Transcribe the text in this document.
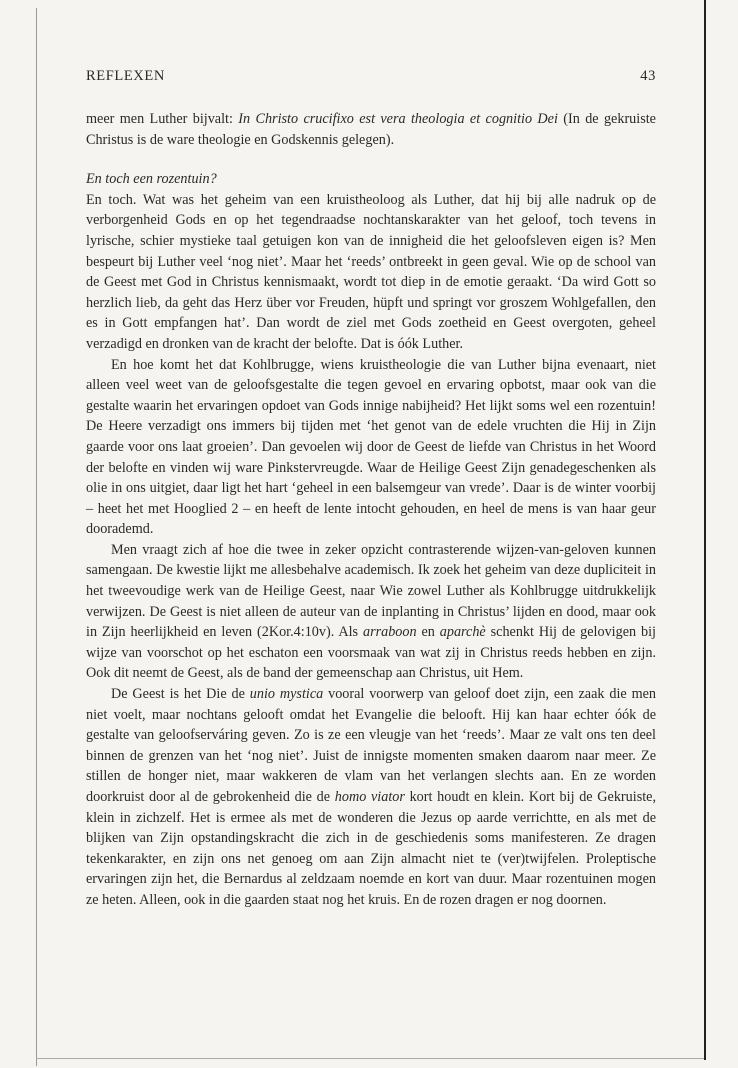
REFLEXEN	43

meer men Luther bijvalt: In Christo crucifixo est vera theologia et cognitio Dei (In de gekruiste Christus is de ware theologie en Godskennis gelegen).

En toch een rozentuin?

En toch. Wat was het geheim van een kruistheoloog als Luther, dat hij bij alle nadruk op de verborgenheid Gods en op het tegendraadse nochtanskarakter van het geloof, toch tevens in lyrische, schier mystieke taal getuigen kon van de innigheid die het geloofsleven eigen is? Men bespeurt bij Luther veel ‘nog niet’. Maar het ‘reeds’ ontbreekt in geen geval. Wie op de school van de Geest met God in Christus kennismaakt, wordt tot diep in de emotie geraakt. ‘Da wird Gott so herzlich lieb, da geht das Herz über vor Freuden, hüpft und springt vor groszem Wohlgefallen, den es in Gott empfangen hat’. Dan wordt de ziel met Gods zoetheid en Geest overgoten, geheel verzadigd en dronken van de kracht der belofte. Dat is óók Luther.

En hoe komt het dat Kohlbrugge, wiens kruistheologie die van Luther bijna evenaart, niet alleen veel weet van de geloofsgestalte die tegen gevoel en ervaring opbotst, maar ook van die gestalte waarin het ervaringen opdoet van Gods innige nabijheid? Het lijkt soms wel een rozentuin! De Heere verzadigt ons immers bij tijden met ‘het genot van de edele vruchten die Hij in Zijn gaarde voor ons laat groeien’. Dan gevoelen wij door de Geest de liefde van Christus in het Woord der belofte en vinden wij ware Pinkstervreugde. Waar de Heilige Geest Zijn genadegeschenken als olie in ons uitgiet, daar ligt het hart ‘geheel in een balsemgeur van vrede’. Daar is de winter voorbij – heet het met Hooglied 2 – en heeft de lente intocht gehouden, en heel de mens is van haar geur doorademd.

Men vraagt zich af hoe die twee in zeker opzicht contrasterende wijzen-van-geloven kunnen samengaan. De kwestie lijkt me allesbehalve academisch. Ik zoek het geheim van deze dupliciteit in het tweevoudige werk van de Heilige Geest, naar Wie zowel Luther als Kohlbrugge uitdrukkelijk verwijzen. De Geest is niet alleen de auteur van de inplanting in Christus’ lijden en dood, maar ook in Zijn heerlijkheid en leven (2Kor.4:10v). Als arraboon en aparchè schenkt Hij de gelovigen bij wijze van voorschot op het eschaton een voorsmaak van wat zij in Christus reeds hebben en zijn. Ook dit neemt de Geest, als de band der gemeenschap aan Christus, uit Hem.

De Geest is het Die de unio mystica vooral voorwerp van geloof doet zijn, een zaak die men niet voelt, maar nochtans gelooft omdat het Evangelie die belooft. Hij kan haar echter óók de gestalte van geloofservári​ng geven. Zo is ze een vleugje van het ‘reeds’. Maar ze valt ons ten deel binnen de grenzen van het ‘nog niet’. Juist de innigste momenten smaken daarom naar meer. Ze stillen de honger niet, maar wakkeren de vlam van het verlangen slechts aan. En ze worden doorkruist door al de gebrokenheid die de homo viator kort houdt en klein. Kort bij de Gekruiste, klein in zichzelf. Het is ermee als met de wonderen die Jezus op aarde verrichtte, en als met de blijken van Zijn opstandingskracht die zich in de geschiedenis soms manifesteren. Ze dragen tekenkarakter, en zijn ons net genoeg om aan Zijn almacht niet te (ver)twijfelen. Proleptische ervaringen zijn het, die Bernardus al zeldzaam noemde en kort van duur. Maar rozentuinen mogen ze heten. Alleen, ook in die gaarden staat nog het kruis. En de rozen dragen er nog doornen.
